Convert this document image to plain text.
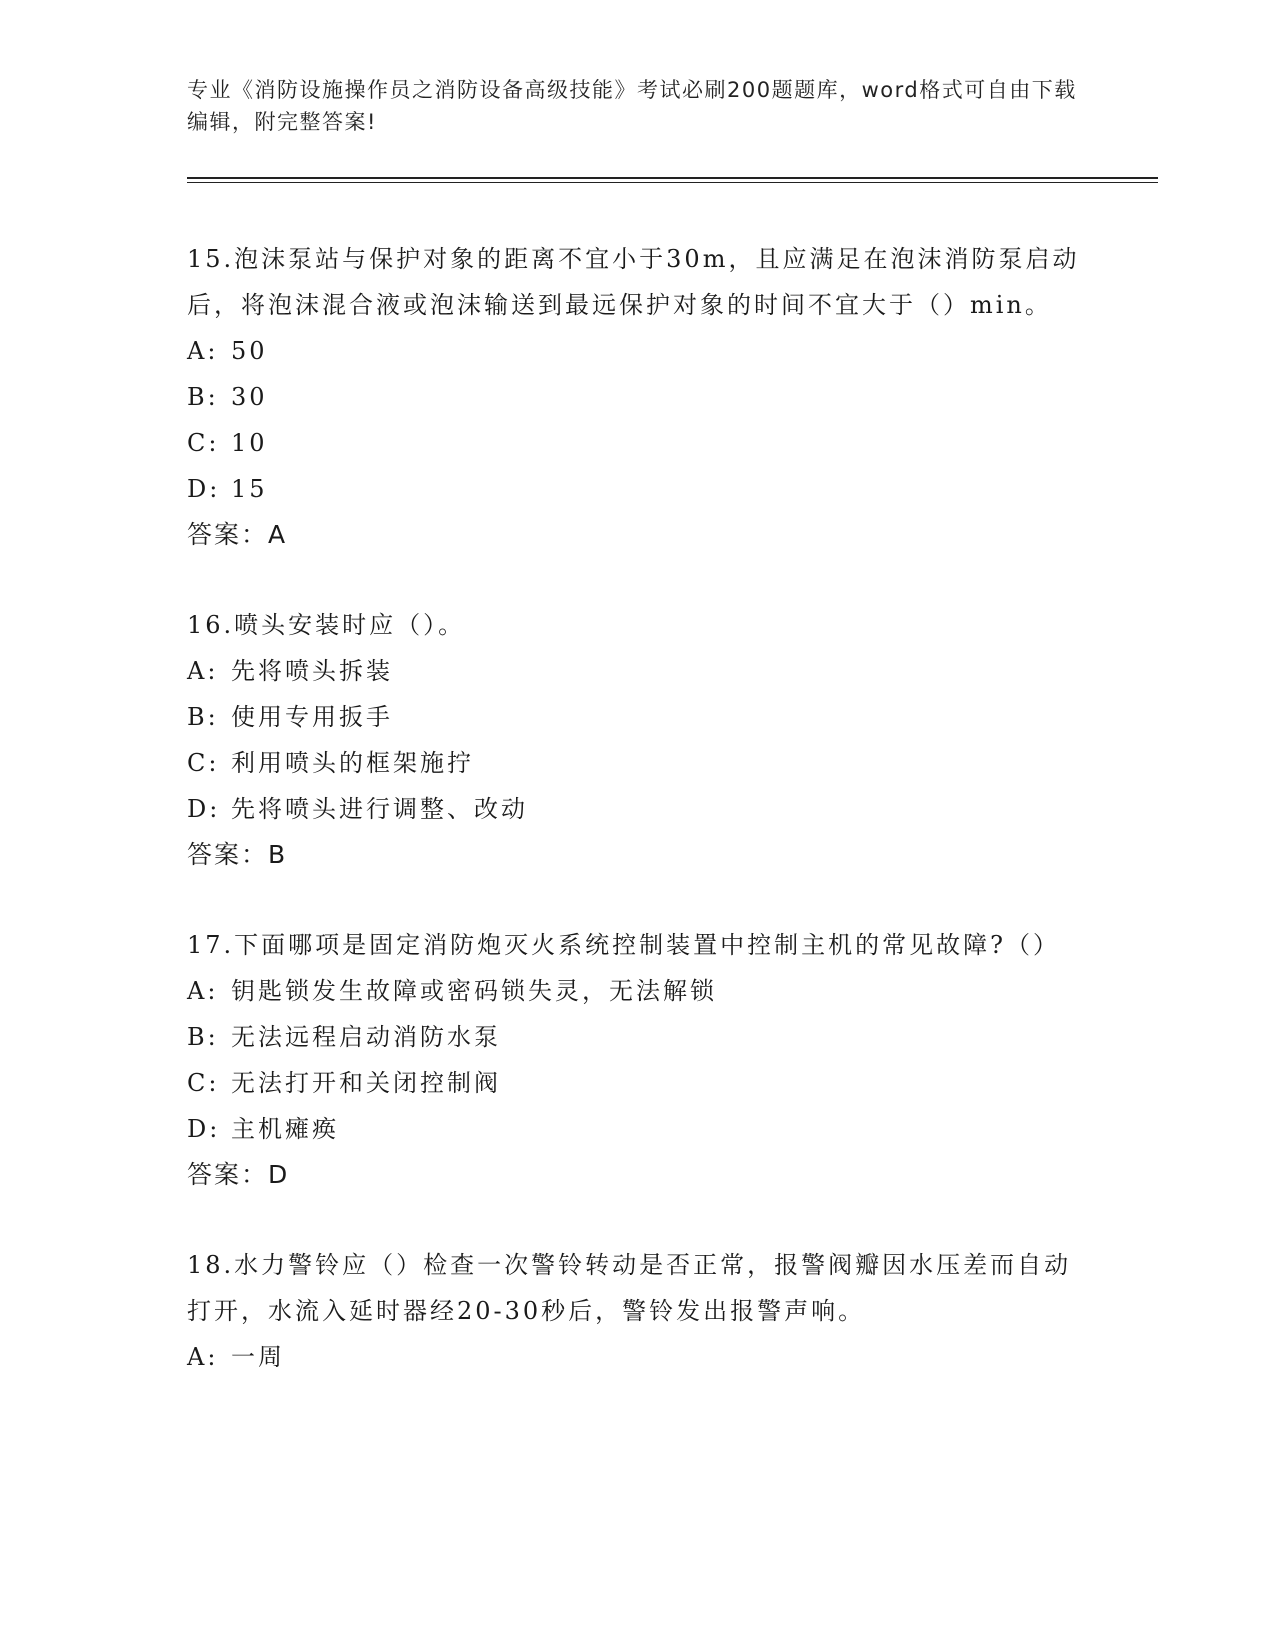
专业《消防设施操作员之消防设备高级技能》考试必刷200题题库，word格式可自由下载编辑，附完整答案!

15.泡沫泵站与保护对象的距离不宜小于30m，且应满足在泡沫消防泵启动后，将泡沫混合液或泡沫输送到最远保护对象的时间不宜大于（）min。

A: 50

B: 30

C: 10

D: 15

答案：A

16.喷头安装时应（）。

A: 先将喷头拆装

B: 使用专用扳手

C: 利用喷头的框架施拧

D: 先将喷头进行调整、改动

答案：B

17.下面哪项是固定消防炮灭火系统控制装置中控制主机的常见故障?（）

A: 钥匙锁发生故障或密码锁失灵，无法解锁

B: 无法远程启动消防水泵

C: 无法打开和关闭控制阀

D: 主机瘫痪

答案：D

18.水力警铃应（）检查一次警铃转动是否正常，报警阀瓣因水压差而自动打开，水流入延时器经20-30秒后，警铃发出报警声响。

A: 一周
